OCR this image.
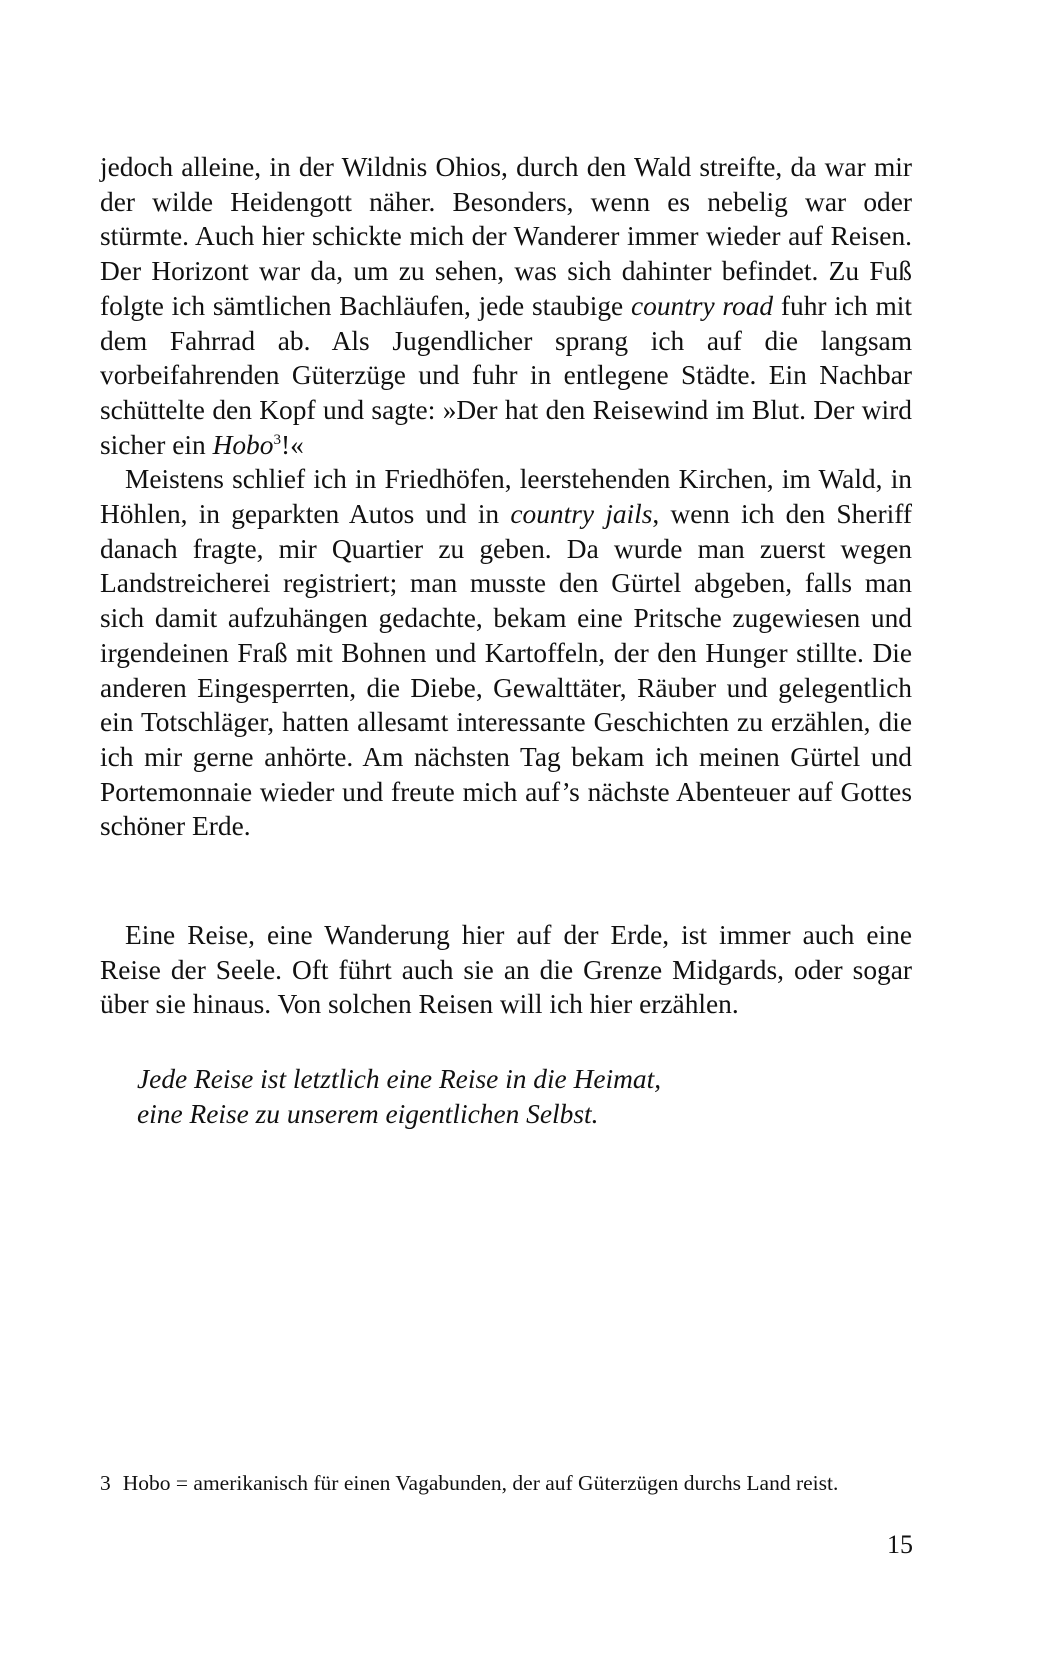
jedoch alleine, in der Wildnis Ohios, durch den Wald streifte, da war mir der wilde Heidengott näher. Besonders, wenn es nebelig war oder stürmte. Auch hier schickte mich der Wanderer immer wieder auf Reisen. Der Horizont war da, um zu sehen, was sich dahinter befindet. Zu Fuß folgte ich sämtlichen Bachläufen, jede staubige country road fuhr ich mit dem Fahrrad ab. Als Jugendlicher sprang ich auf die langsam vorbeifahrenden Güterzüge und fuhr in entlegene Städte. Ein Nachbar schüttelte den Kopf und sagte: »Der hat den Reisewind im Blut. Der wird sicher ein Hobo$^3$!«

Meistens schlief ich in Friedhöfen, leerstehenden Kirchen, im Wald, in Höhlen, in geparkten Autos und in country jails, wenn ich den Sheriff danach fragte, mir Quartier zu geben. Da wurde man zuerst wegen Landstreicherei registriert; man musste den Gürtel abgeben, falls man sich damit aufzuhängen gedachte, bekam eine Pritsche zugewiesen und irgendeinen Fraß mit Bohnen und Kartoffeln, der den Hunger stillte. Die anderen Eingesperrten, die Diebe, Gewalttäter, Räuber und gelegentlich ein Totschläger, hatten allesamt interessante Geschichten zu erzählen, die ich mir gerne anhörte. Am nächsten Tag bekam ich meinen Gürtel und Portemonnaie wieder und freute mich auf’s nächste Abenteuer auf Gottes schöner Erde.

Eine Reise, eine Wanderung hier auf der Erde, ist immer auch eine Reise der Seele. Oft führt auch sie an die Grenze Midgards, oder sogar über sie hinaus. Von solchen Reisen will ich hier erzählen.

Jede Reise ist letztlich eine Reise in die Heimat,
eine Reise zu unserem eigentlichen Selbst.
3 Hobo = amerikanisch für einen Vagabunden, der auf Güterzügen durchs Land reist.
15
